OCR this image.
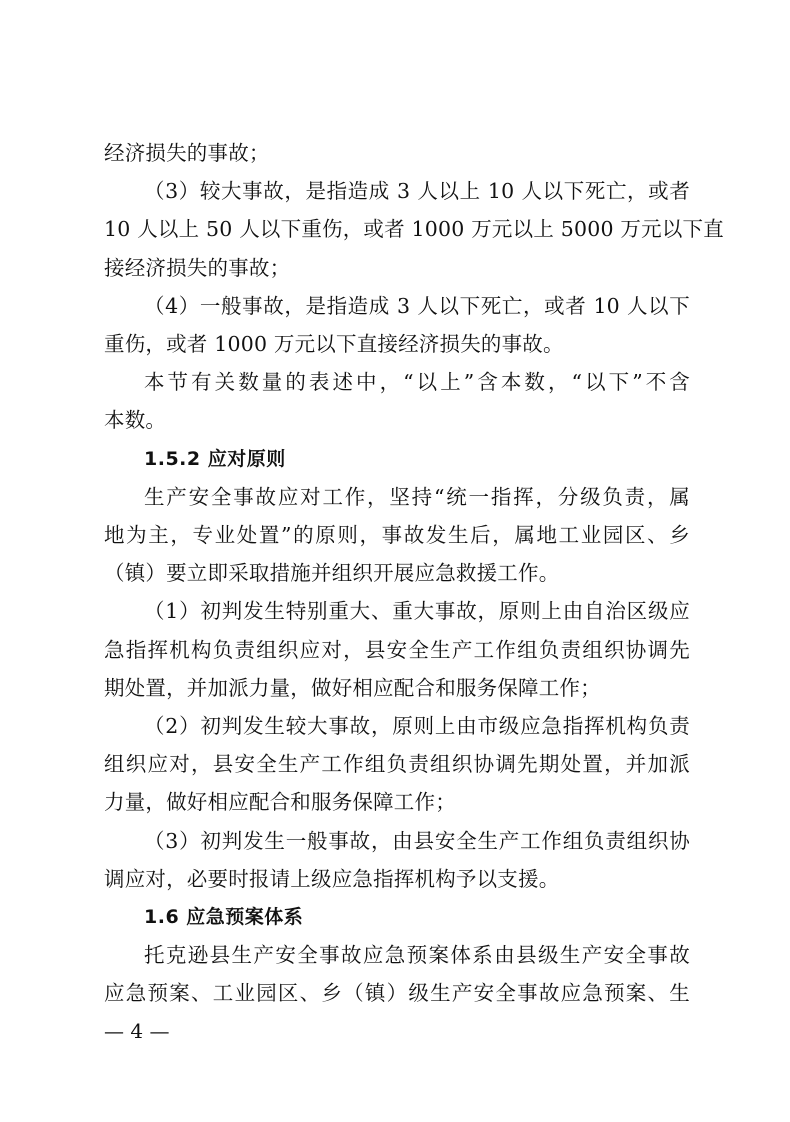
经济损失的事故；
（3）较大事故，是指造成 3 人以上 10 人以下死亡，或者
10 人以上 50 人以下重伤，或者 1000 万元以上 5000 万元以下直
接经济损失的事故；
（4）一般事故，是指造成 3 人以下死亡，或者 10 人以下
重伤，或者 1000 万元以下直接经济损失的事故。
本节有关数量的表述中，“以上”含本数，“以下”不含
本数。
1.5.2 应对原则
生产安全事故应对工作，坚持“统一指挥，分级负责，属
地为主，专业处置”的原则，事故发生后，属地工业园区、乡
（镇）要立即采取措施并组织开展应急救援工作。
（1）初判发生特别重大、重大事故，原则上由自治区级应
急指挥机构负责组织应对，县安全生产工作组负责组织协调先
期处置，并加派力量，做好相应配合和服务保障工作；
（2）初判发生较大事故，原则上由市级应急指挥机构负责
组织应对，县安全生产工作组负责组织协调先期处置，并加派
力量，做好相应配合和服务保障工作；
（3）初判发生一般事故，由县安全生产工作组负责组织协
调应对，必要时报请上级应急指挥机构予以支援。
1.6 应急预案体系
托克逊县生产安全事故应急预案体系由县级生产安全事故
应急预案、工业园区、乡（镇）级生产安全事故应急预案、生
— 4 —
